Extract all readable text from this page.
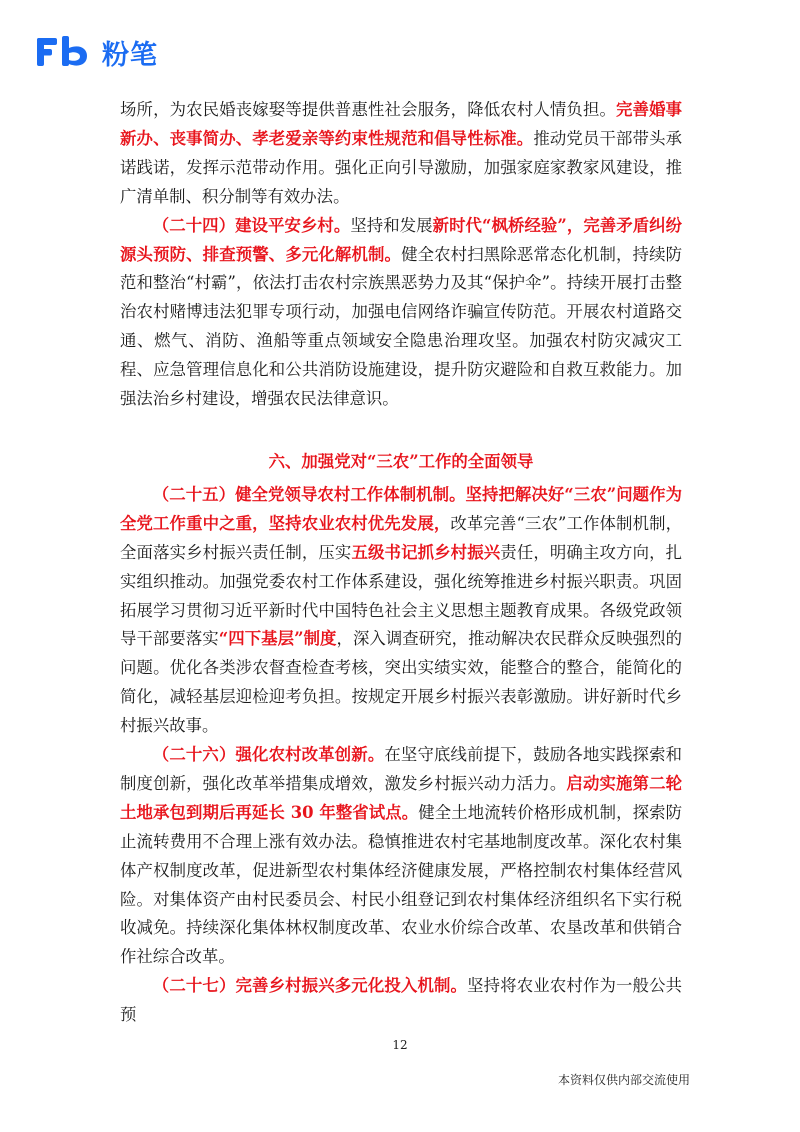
粉笔

场所，为农民婚丧嫁娶等提供普惠性社会服务，降低农村人情负担。完善婚事新办、丧事简办、孝老爱亲等约束性规范和倡导性标准。推动党员干部带头承诺践诺，发挥示范带动作用。强化正向引导激励，加强家庭家教家风建设，推广清单制、积分制等有效办法。

（二十四）建设平安乡村。坚持和发展新时代“枫桥经验”，完善矛盾纠纷源头预防、排查预警、多元化解机制。健全农村扫黑除恶常态化机制，持续防范和整治“村霸”，依法打击农村宗族黑恶势力及其“保护伞”。持续开展打击整治农村赌博违法犯罪专项行动，加强电信网络诈骗宣传防范。开展农村道路交通、燃气、消防、渔船等重点领域安全隐患治理攻坚。加强农村防灾减灾工程、应急管理信息化和公共消防设施建设，提升防灾避险和自救互救能力。加强法治乡村建设，增强农民法律意识。

六、加强党对“三农”工作的全面领导

（二十五）健全党领导农村工作体制机制。坚持把解决好“三农”问题作为全党工作重中之重，坚持农业农村优先发展，改革完善“三农”工作体制机制，全面落实乡村振兴责任制，压实五级书记抓乡村振兴责任，明确主攻方向，扎实组织推动。加强党委农村工作体系建设，强化统筹推进乡村振兴职责。巩固拓展学习贯彻习近平新时代中国特色社会主义思想主题教育成果。各级党政领导干部要落实“四下基层”制度，深入调查研究，推动解决农民群众反映强烈的问题。优化各类涉农督查检查考核，突出实绩实效，能整合的整合，能简化的简化，减轻基层迎检迎考负担。按规定开展乡村振兴表彰激励。讲好新时代乡村振兴故事。

（二十六）强化农村改革创新。在坚守底线前提下，鼓励各地实践探索和制度创新，强化改革举措集成增效，激发乡村振兴动力活力。启动实施第二轮土地承包到期后再延长 30 年整省试点。健全土地流转价格形成机制，探索防止流转费用不合理上涨有效办法。稳慎推进农村宅基地制度改革。深化农村集体产权制度改革，促进新型农村集体经济健康发展，严格控制农村集体经营风险。对集体资产由村民委员会、村民小组登记到农村集体经济组织名下实行税收减免。持续深化集体林权制度改革、农业水价综合改革、农垦改革和供销合作社综合改革。

（二十七）完善乡村振兴多元化投入机制。坚持将农业农村作为一般公共预

12
本资料仅供内部交流使用
